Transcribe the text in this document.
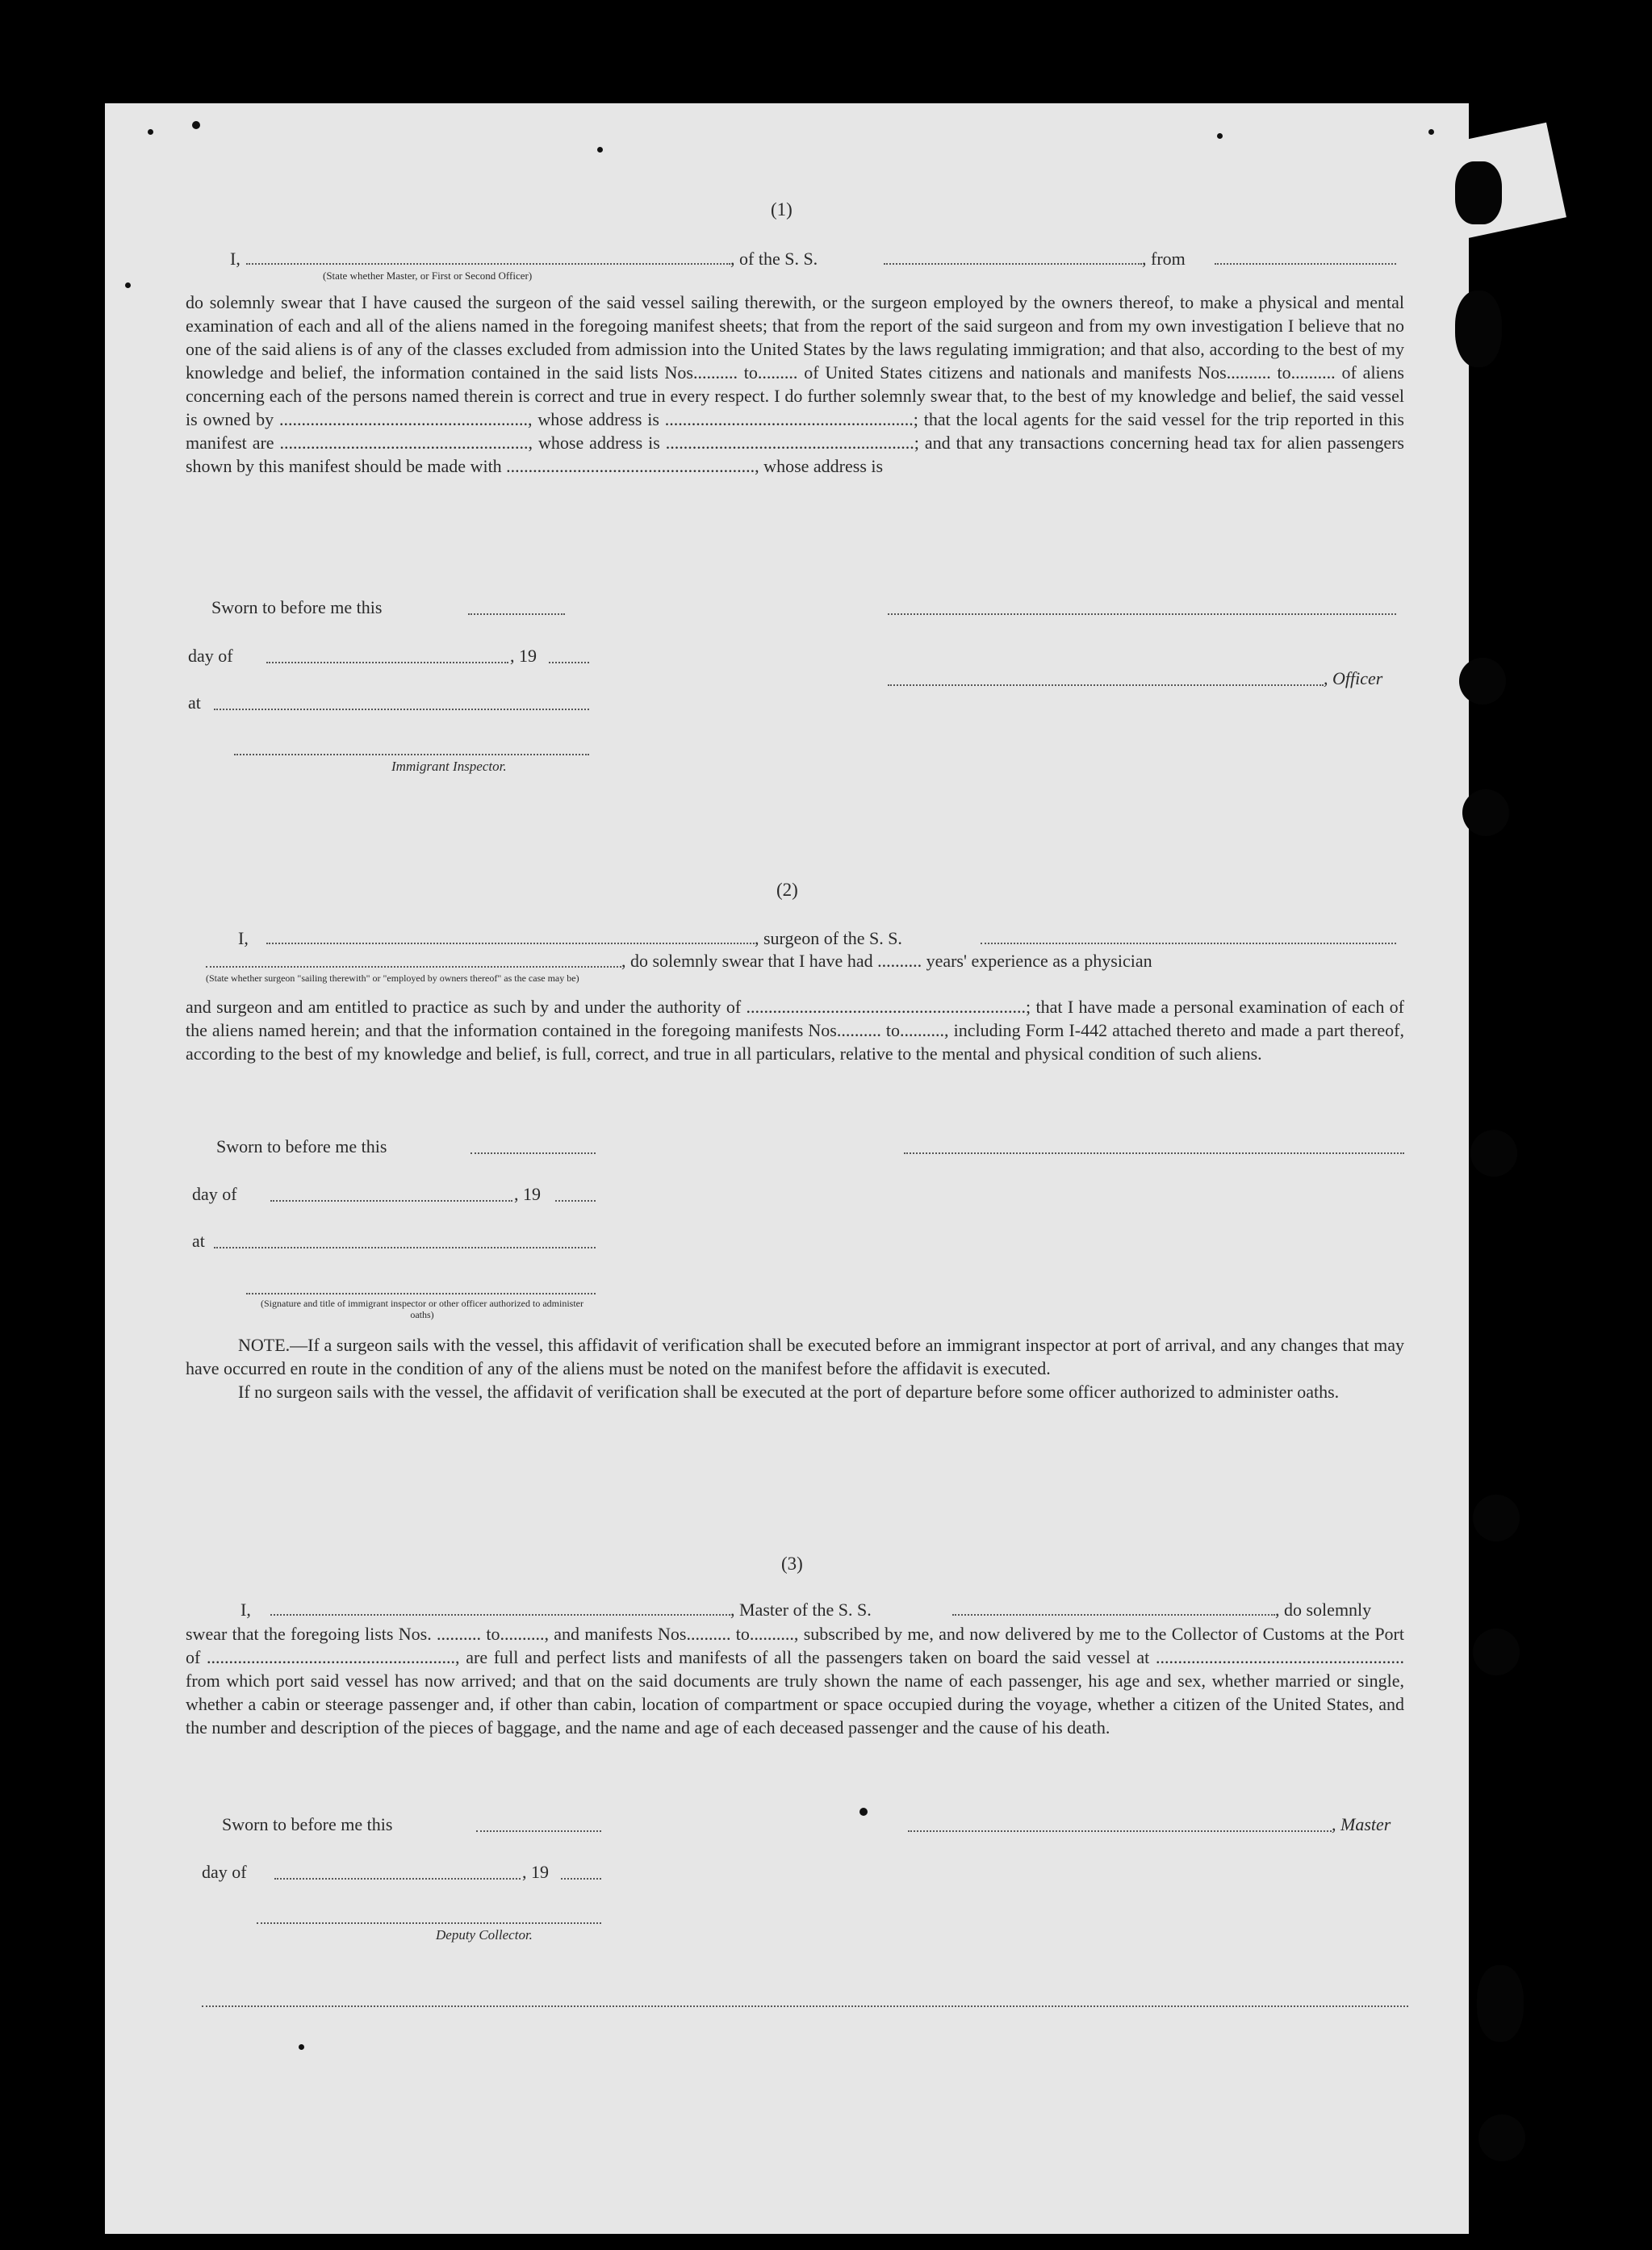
(1)
I,	, of the S. S.	, from
(State whether Master, or First or Second Officer)

do solemnly swear that I have caused the surgeon of the said vessel sailing therewith, or the surgeon employed by the owners thereof, to make a physical and mental examination of each and all of the aliens named in the foregoing manifest sheets; that from the report of the said surgeon and from my own investigation I believe that no one of the said aliens is of any of the classes excluded from admission into the United States by the laws regulating immigration; and that also, according to the best of my knowledge and belief, the information contained in the said lists Nos.......... to......... of United States citizens and nationals and manifests Nos.......... to.......... of aliens concerning each of the persons named therein is correct and true in every respect. I do further solemnly swear that, to the best of my knowledge and belief, the said vessel is owned by ........................................................, whose address is ........................................................; that the local agents for the said vessel for the trip reported in this manifest are ........................................................, whose address is ........................................................; and that any transactions concerning head tax for alien passengers shown by this manifest should be made with ........................................................, whose address is

Sworn to before me this
day of	, 19
, Officer
at
Immigrant Inspector.
(2)
I,	, surgeon of the S. S.
, do solemnly swear that I have had .......... years' experience as a physician
(State whether surgeon "sailing therewith" or "employed by owners thereof" as the case may be)

and surgeon and am entitled to practice as such by and under the authority of ...............................................................; that I have made a personal examination of each of the aliens named herein; and that the information contained in the foregoing manifests Nos.......... to.........., including Form I-442 attached thereto and made a part thereof, according to the best of my knowledge and belief, is full, correct, and true in all particulars, relative to the mental and physical condition of such aliens.

Sworn to before me this
day of	, 19
at
(Signature and title of immigrant inspector or other officer authorized to administer oaths)

NOTE.—If a surgeon sails with the vessel, this affidavit of verification shall be executed before an immigrant inspector at port of arrival, and any changes that may have occurred en route in the condition of any of the aliens must be noted on the manifest before the affidavit is executed.

If no surgeon sails with the vessel, the affidavit of verification shall be executed at the port of departure before some officer authorized to administer oaths.

(3)
I,	, Master of the S. S.	, do solemnly

swear that the foregoing lists Nos. .......... to.........., and manifests Nos.......... to.........., subscribed by me, and now delivered by me to the Collector of Customs at the Port of ........................................................, are full and perfect lists and manifests of all the passengers taken on board the said vessel at ........................................................ from which port said vessel has now arrived; and that on the said documents are truly shown the name of each passenger, his age and sex, whether married or single, whether a cabin or steerage passenger and, if other than cabin, location of compartment or space occupied during the voyage, whether a citizen of the United States, and the number and description of the pieces of baggage, and the name and age of each deceased passenger and the cause of his death.

Sworn to before me this	, Master
day of	, 19
Deputy Collector.
